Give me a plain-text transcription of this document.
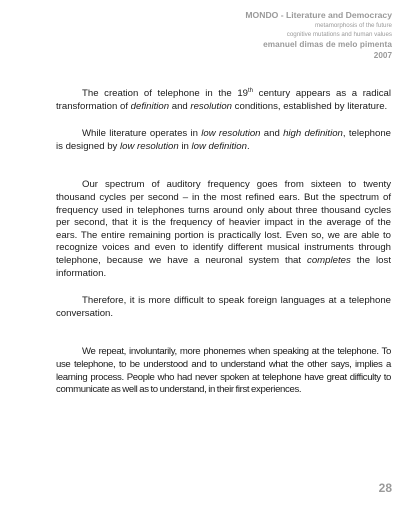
MONDO - Literature and Democracy
metamorphosis of the future
cognitive mutations and human values
emanuel dimas de melo pimenta
2007

The creation of telephone in the 19th century appears as a radical transformation of definition and resolution conditions, established by literature.

While literature operates in low resolution and high definition, telephone is designed by low resolution in low definition.

Our spectrum of auditory frequency goes from sixteen to twenty thousand cycles per second – in the most refined ears. But the spectrum of frequency used in telephones turns around only about three thousand cycles per second, that it is the frequency of heavier impact in the average of the ears. The entire remaining portion is practically lost. Even so, we are able to recognize voices and even to identify different musical instruments through telephone, because we have a neuronal system that completes the lost information.

Therefore, it is more difficult to speak foreign languages at a telephone conversation.

We repeat, involuntarily, more phonemes when speaking at the telephone. To use telephone, to be understood and to understand what the other says, implies a learning process. People who had never spoken at telephone have great difficulty to communicate as well as to understand, in their first experiences.

28
